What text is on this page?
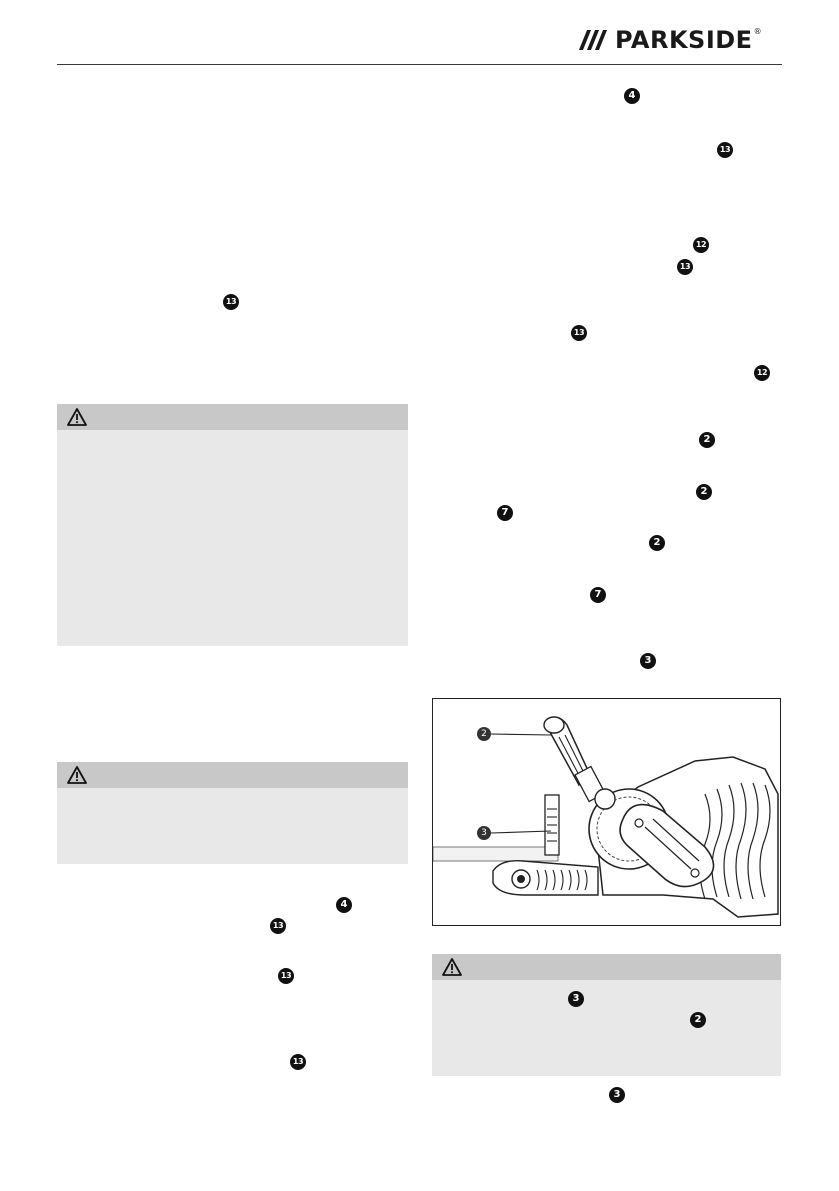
PARKSIDE®
13
4
13
13
13
4
13
12
13
13
12
2
2
7
2
7
3
2
3
3
2
3
